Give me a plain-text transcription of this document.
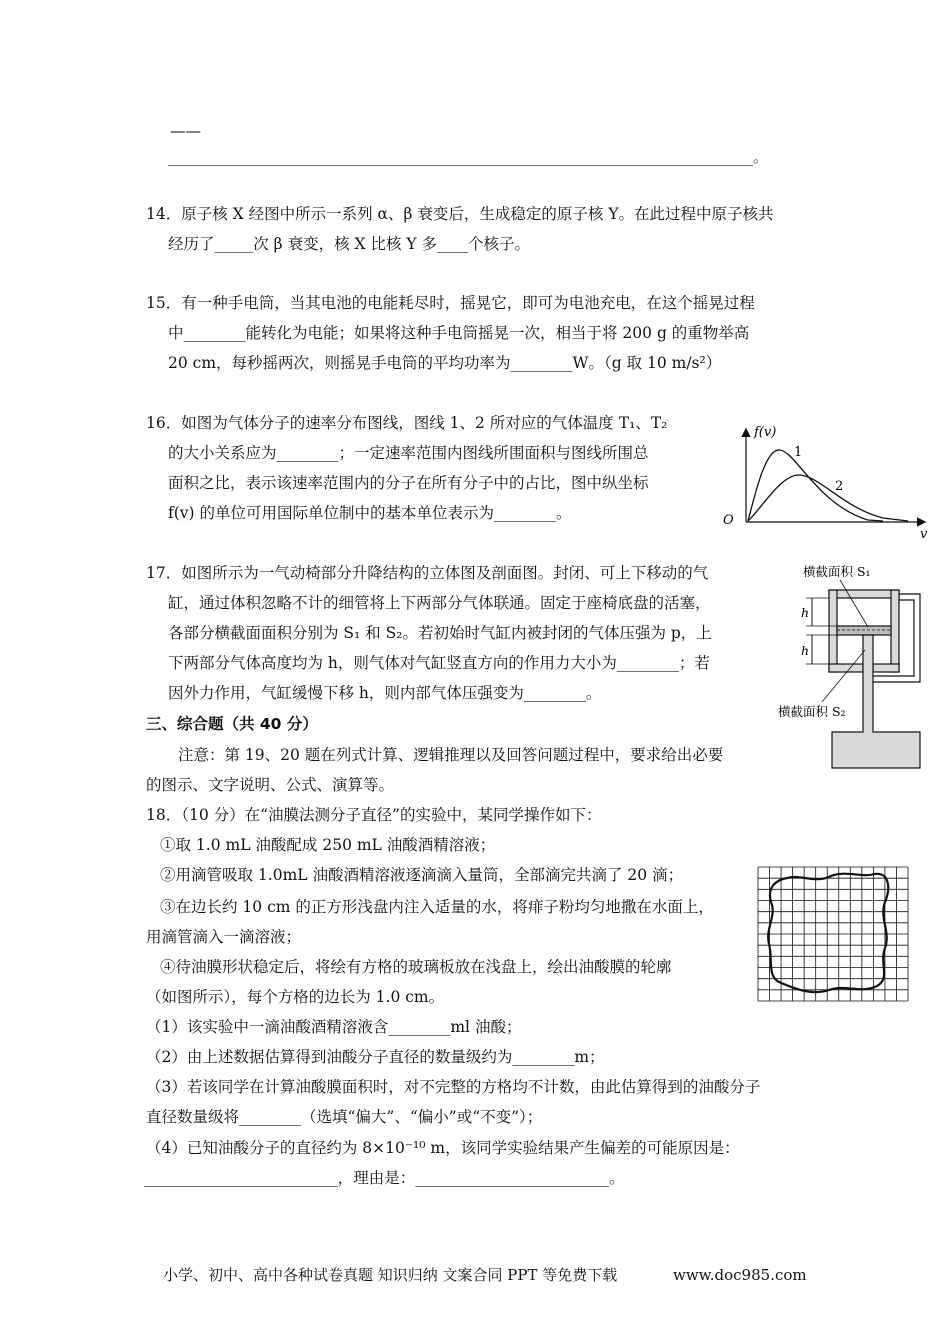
——
______________________________________________________________________________。
14．原子核 X 经图中所示一系列 α、β 衰变后，生成稳定的原子核 Y。在此过程中原子核共
经历了_____次 β 衰变，核 X 比核 Y 多____个核子。
15．有一种手电筒，当其电池的电能耗尽时，摇晃它，即可为电池充电，在这个摇晃过程
中________能转化为电能；如果将这种手电筒摇晃一次，相当于将 200 g 的重物举高
20 cm，每秒摇两次，则摇晃手电筒的平均功率为________W。（g 取 10 m/s²）
16．如图为气体分子的速率分布图线，图线 1、2 所对应的气体温度 T₁、T₂
的大小关系应为________；一定速率范围内图线所围面积与图线所围总
面积之比，表示该速率范围内的分子在所有分子中的占比，图中纵坐标
f(v) 的单位可用国际单位制中的基本单位表示为________。
f(v)
v
O
1
2
17．如图所示为一气动椅部分升降结构的立体图及剖面图。封闭、可上下移动的气
缸，通过体积忽略不计的细管将上下两部分气体联通。固定于座椅底盘的活塞，
各部分横截面面积分别为 S₁ 和 S₂。若初始时气缸内被封闭的气体压强为 p，上
下两部分气体高度均为 h，则气体对气缸竖直方向的作用力大小为________；若
因外力作用，气缸缓慢下移 h，则内部气体压强变为________。
横截面积 S₁
h
h
横截面积 S₂
三、综合题（共 40 分）
注意：第 19、20 题在列式计算、逻辑推理以及回答问题过程中，要求给出必要
的图示、文字说明、公式、演算等。
18．（10 分）在“油膜法测分子直径”的实验中，某同学操作如下：
①取 1.0 mL 油酸配成 250 mL 油酸酒精溶液；
②用滴管吸取 1.0mL 油酸酒精溶液逐滴滴入量筒，全部滴完共滴了 20 滴；
③在边长约 10 cm 的正方形浅盘内注入适量的水，将痱子粉均匀地撒在水面上，
用滴管滴入一滴溶液；
④待油膜形状稳定后，将绘有方格的玻璃板放在浅盘上，绘出油酸膜的轮廓
（如图所示），每个方格的边长为 1.0 cm。
（1）该实验中一滴油酸酒精溶液含________ml 油酸；
（2）由上述数据估算得到油酸分子直径的数量级约为________m；
（3）若该同学在计算油酸膜面积时，对不完整的方格均不计数，由此估算得到的油酸分子
直径数量级将________（选填“偏大”、“偏小”或“不变”）；
（4）已知油酸分子的直径约为 8×10⁻¹⁰ m，该同学实验结果产生偏差的可能原因是：
_________________________，理由是：_________________________。
小学、初中、高中各种试卷真题 知识归纳 文案合同 PPT 等免费下载	www.doc985.com
